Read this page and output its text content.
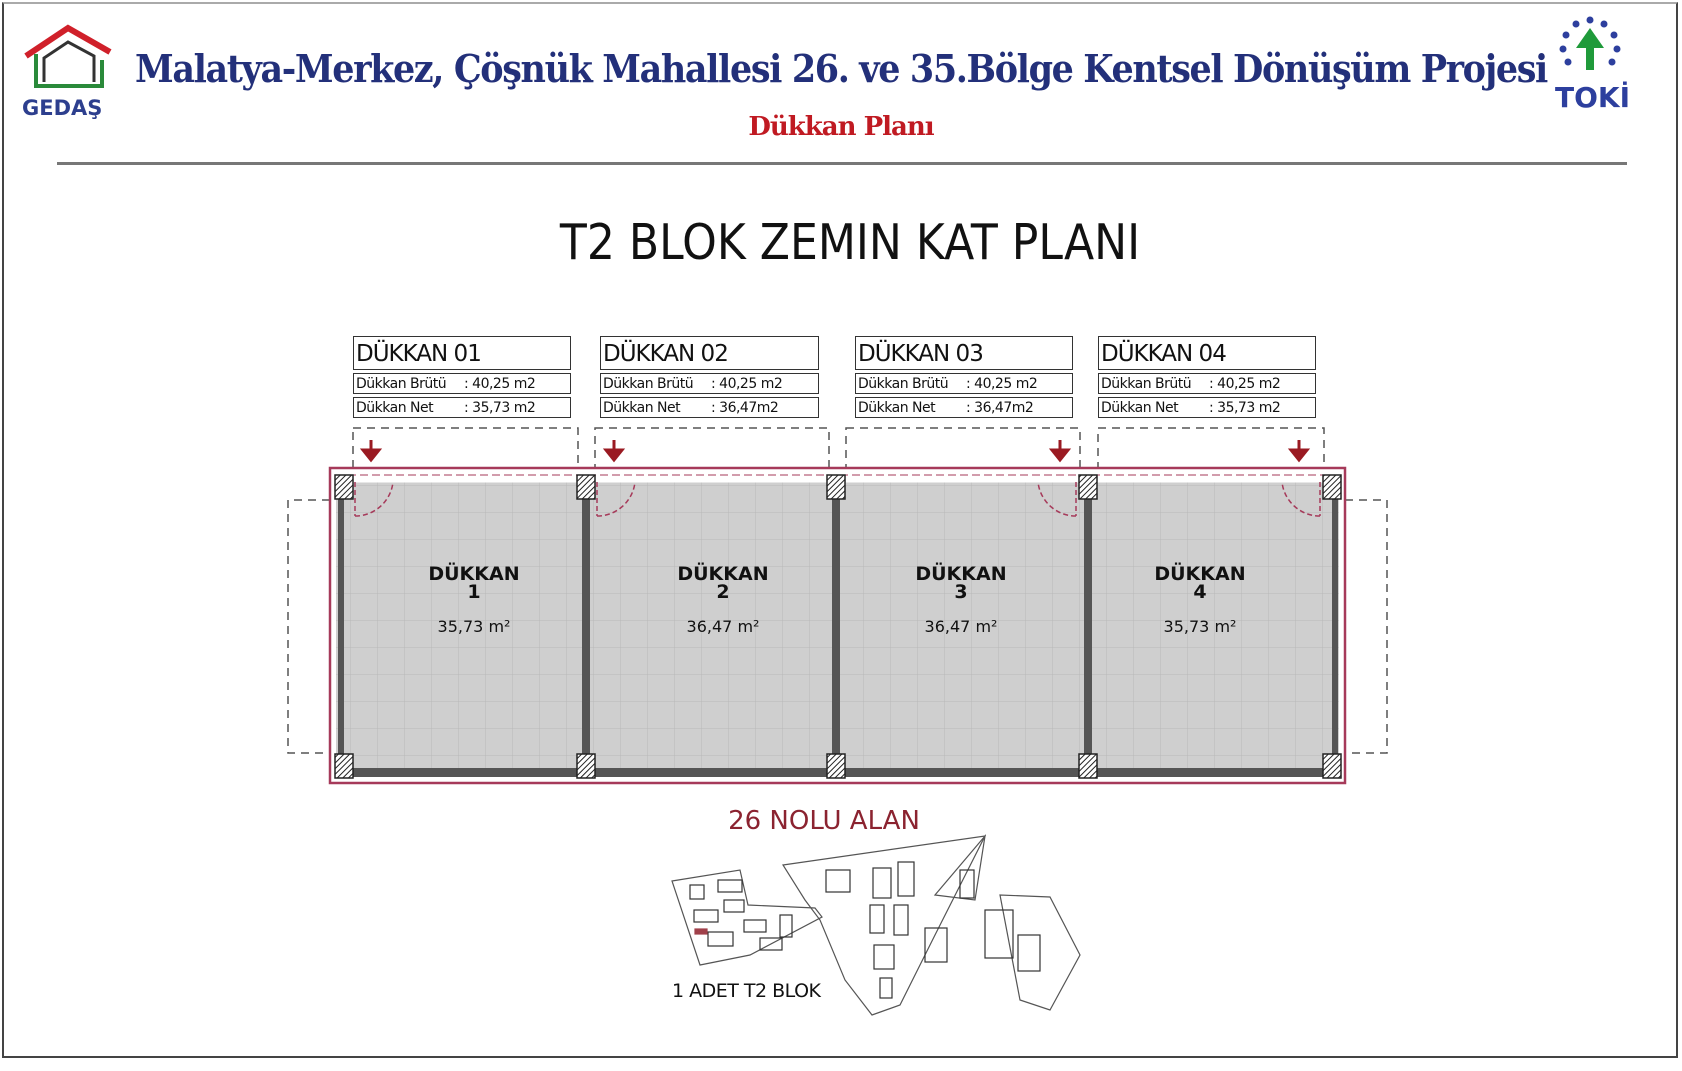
GEDAŞ	TOKİ
Malatya-Merkez, Çöşnük Mahallesi 26. ve 35.Bölge Kentsel Dönüşüm Projesi
Dükkan Planı
T2 BLOK ZEMIN KAT PLANI
DÜKKAN 01
Dükkan Brütü	: 40,25 m2
Dükkan Net	: 35,73 m2
DÜKKAN 02
Dükkan Brütü	: 40,25 m2
Dükkan Net	: 36,47m2
DÜKKAN 03
Dükkan Brütü	: 40,25 m2
Dükkan Net	: 36,47m2
DÜKKAN 04
Dükkan Brütü	: 40,25 m2
Dükkan Net	: 35,73 m2
DÜKKAN
1
35,73 m²
DÜKKAN
2
36,47 m²
DÜKKAN
3
36,47 m²
DÜKKAN
4
35,73 m²
26 NOLU ALAN
1 ADET T2 BLOK
